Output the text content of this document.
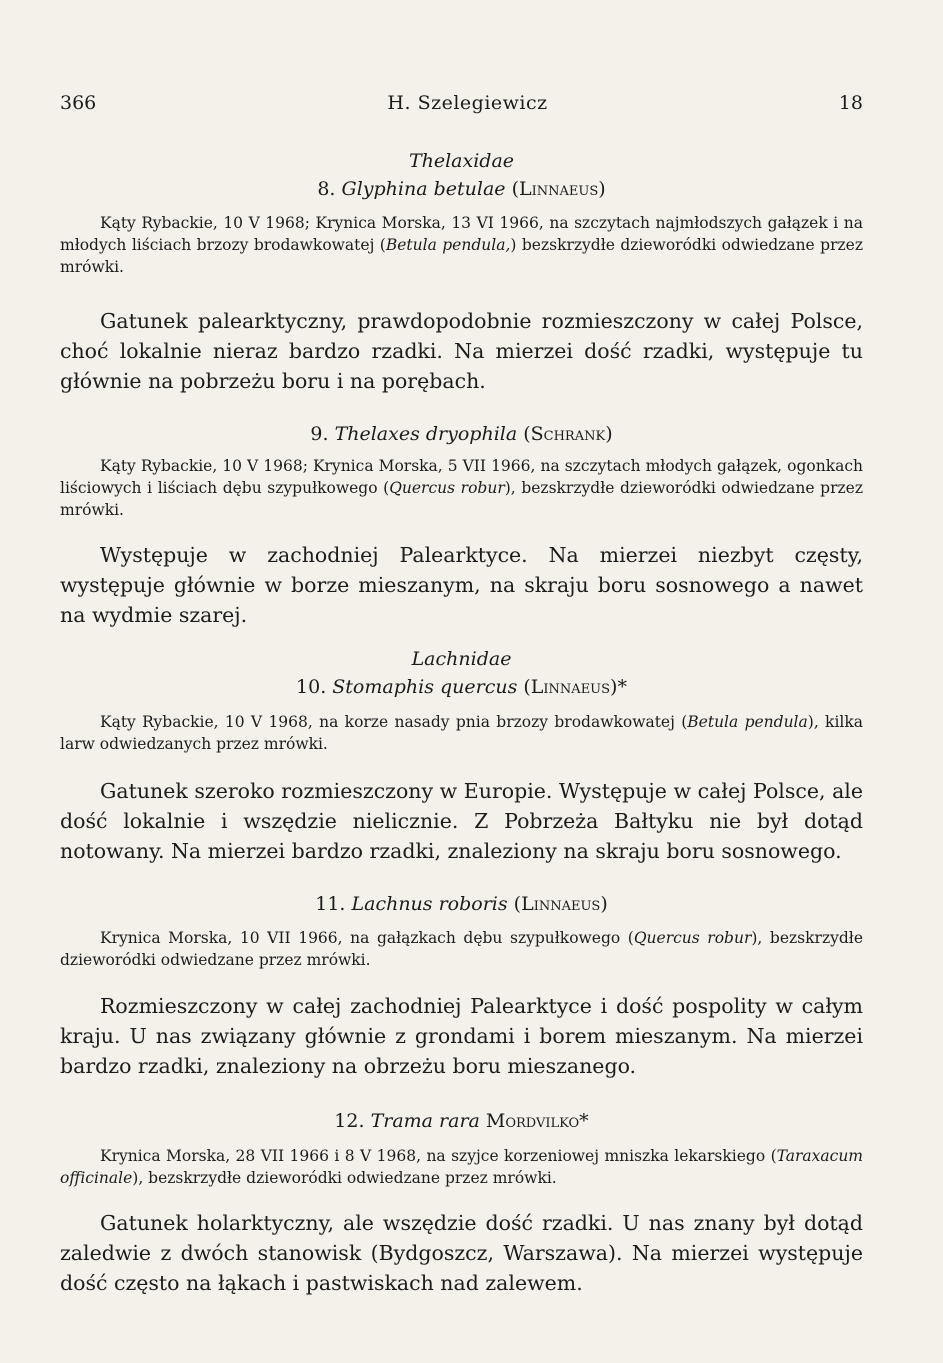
366	H. Szelegiewicz	18
Thelaxidae
8. Glyphina betulae (Linnaeus)
Kąty Rybackie, 10 V 1968; Krynica Morska, 13 VI 1966, na szczytach najmłodszych gałązek i na młodych liściach brzozy brodawkowatej (Betula pendula,) bezskrzydłe dzieworódki odwiedzane przez mrówki.
Gatunek palearktyczny, prawdopodobnie rozmieszczony w całej Polsce, choć lokalnie nieraz bardzo rzadki. Na mierzei dość rzadki, występuje tu głównie na pobrzeżu boru i na porębach.
9. Thelaxes dryophila (Schrank)
Kąty Rybackie, 10 V 1968; Krynica Morska, 5 VII 1966, na szczytach młodych gałązek, ogonkach liściowych i liściach dębu szypułkowego (Quercus robur), bezskrzydłe dzieworódki odwiedzane przez mrówki.
Występuje w zachodniej Palearktyce. Na mierzei niezbyt częsty, występuje głównie w borze mieszanym, na skraju boru sosnowego a nawet na wydmie szarej.
Lachnidae
10. Stomaphis quercus (Linnaeus)*
Kąty Rybackie, 10 V 1968, na korze nasady pnia brzozy brodawkowatej (Betula pendula), kilka larw odwiedzanych przez mrówki.
Gatunek szeroko rozmieszczony w Europie. Występuje w całej Polsce, ale dość lokalnie i wszędzie nielicznie. Z Pobrzeża Bałtyku nie był dotąd notowany. Na mierzei bardzo rzadki, znaleziony na skraju boru sosnowego.
11. Lachnus roboris (Linnaeus)
Krynica Morska, 10 VII 1966, na gałązkach dębu szypułkowego (Quercus robur), bezskrzydłe dzieworódki odwiedzane przez mrówki.
Rozmieszczony w całej zachodniej Palearktyce i dość pospolity w całym kraju. U nas związany głównie z grondami i borem mieszanym. Na mierzei bardzo rzadki, znaleziony na obrzeżu boru mieszanego.
12. Trama rara Mordvilko*
Krynica Morska, 28 VII 1966 i 8 V 1968, na szyjce korzeniowej mniszka lekarskiego (Taraxacum officinale), bezskrzydłe dzieworódki odwiedzane przez mrówki.
Gatunek holarktyczny, ale wszędzie dość rzadki. U nas znany był dotąd zaledwie z dwóch stanowisk (Bydgoszcz, Warszawa). Na mierzei występuje dość często na łąkach i pastwiskach nad zalewem.
